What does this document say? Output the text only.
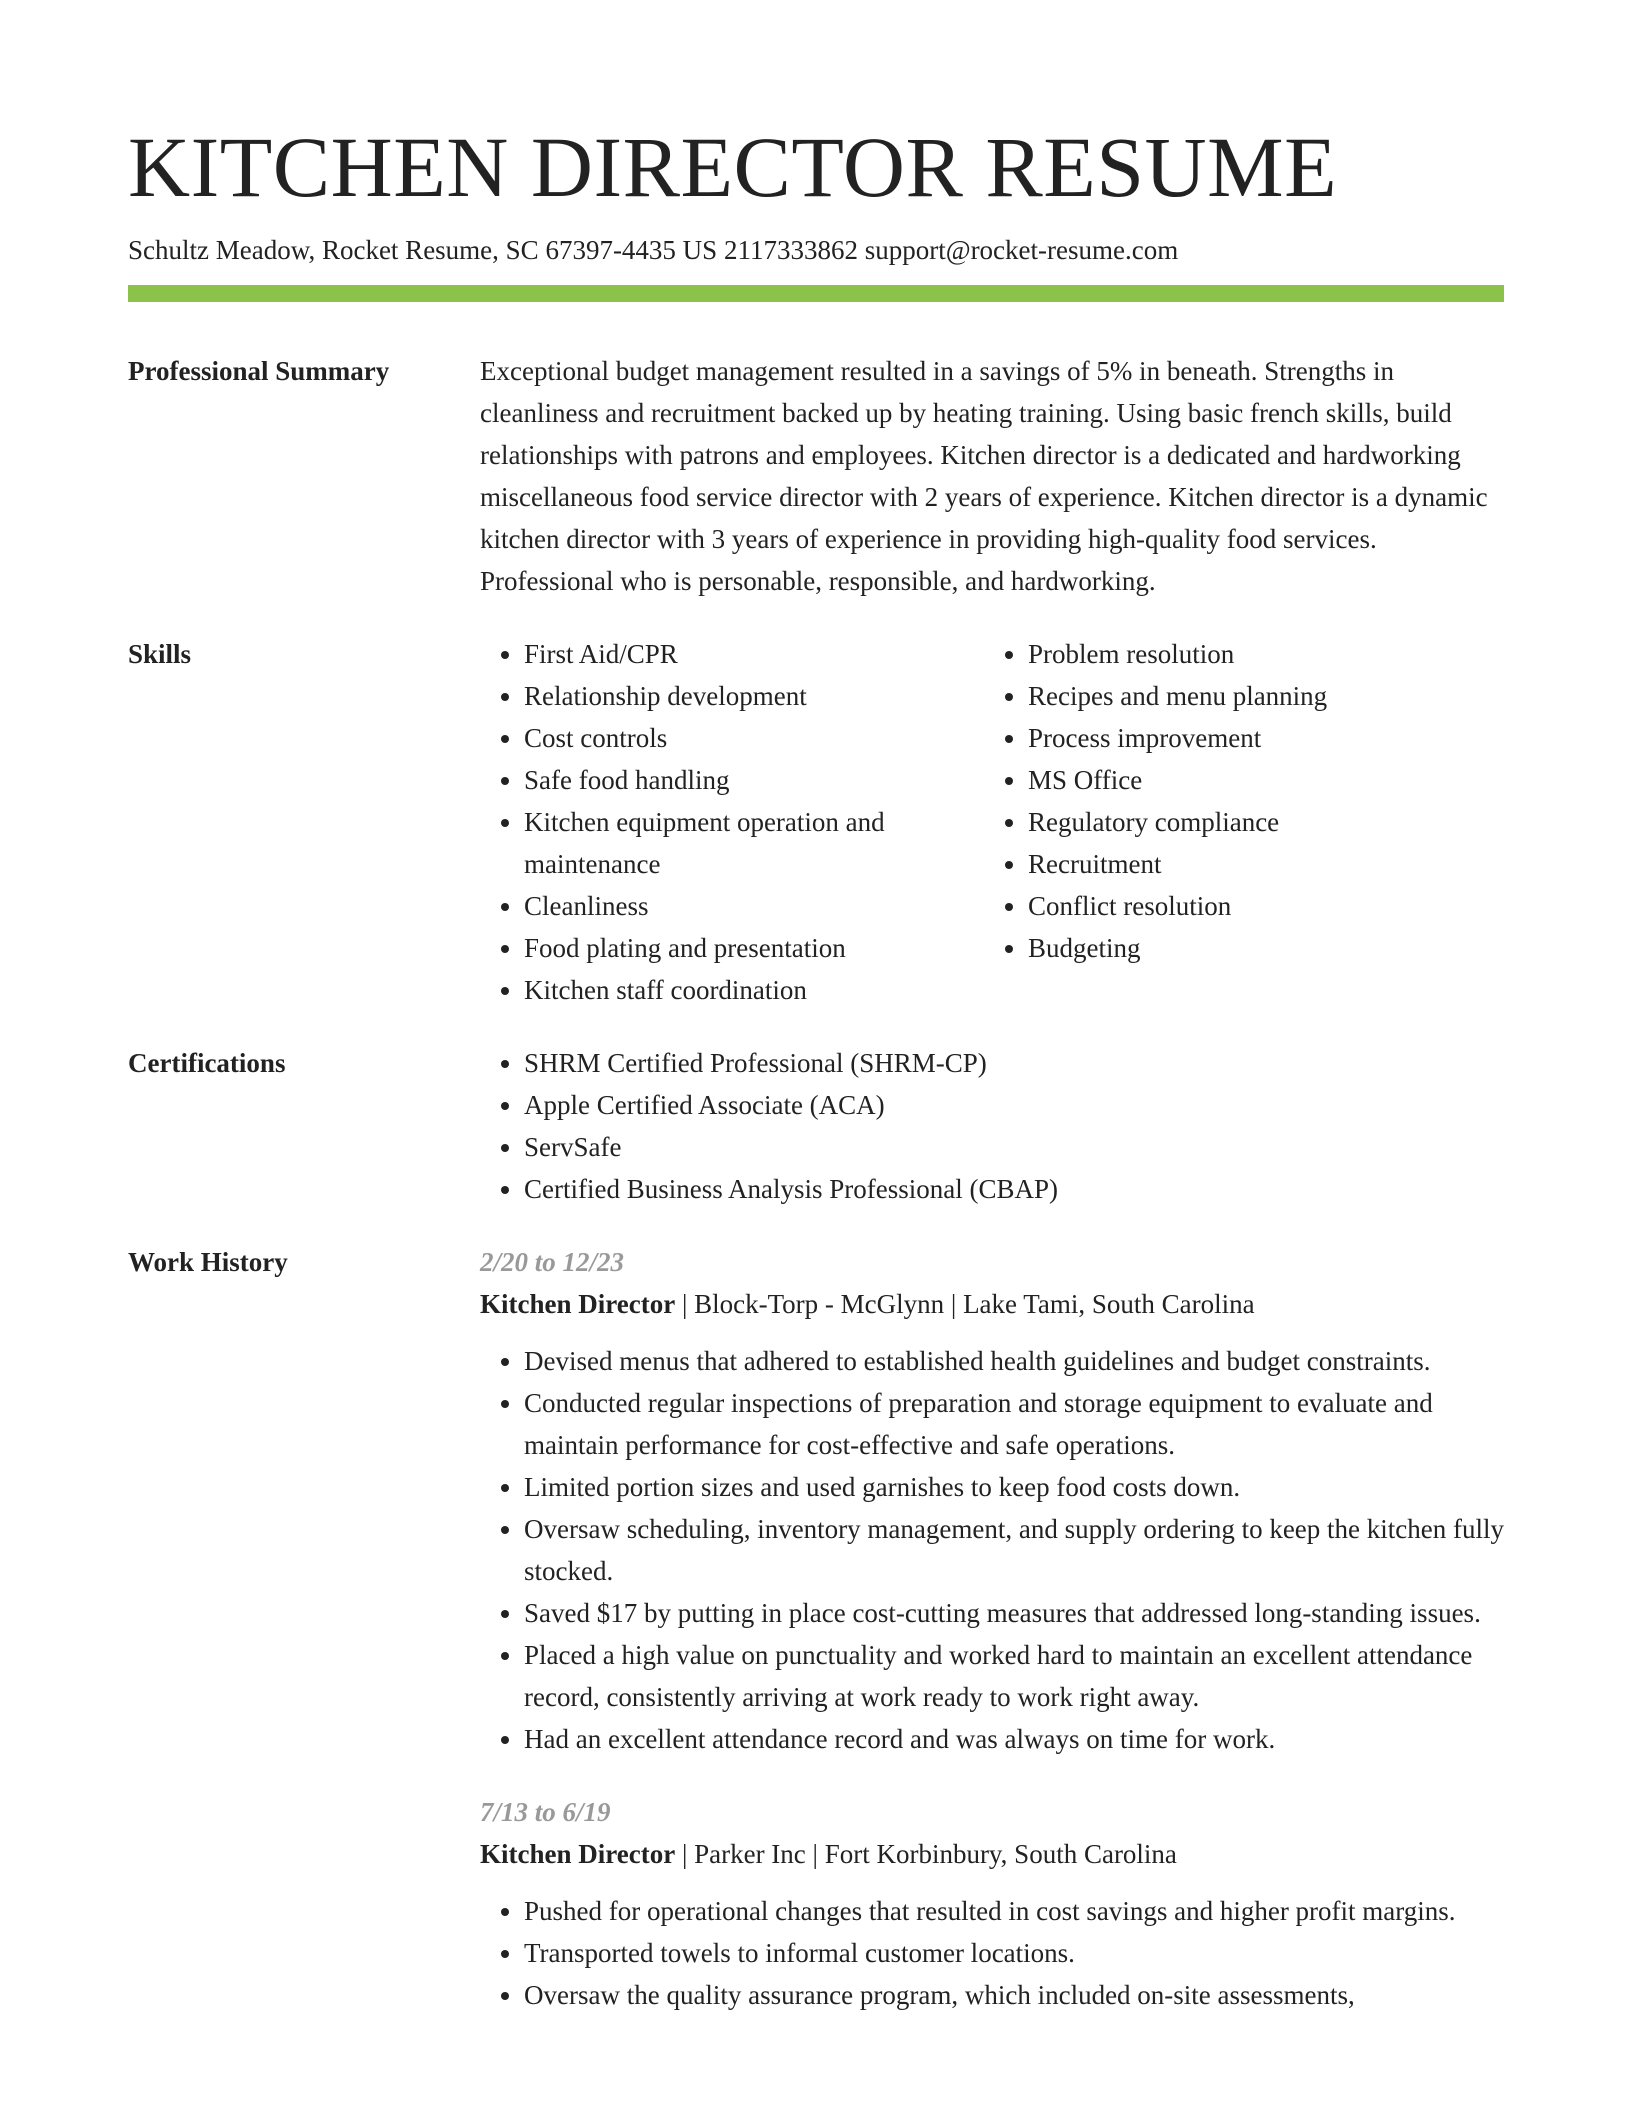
KITCHEN DIRECTOR RESUME
Schultz Meadow, Rocket Resume, SC 67397-4435 US 2117333862 support@rocket-resume.com
Professional Summary	Exceptional budget management resulted in a savings of 5% in beneath. Strengths in cleanliness and recruitment backed up by heating training. Using basic french skills, build relationships with patrons and employees. Kitchen director is a dedicated and hardworking miscellaneous food service director with 2 years of experience. Kitchen director is a dynamic kitchen director with 3 years of experience in providing high-quality food services. Professional who is personable, responsible, and hardworking.

Skills	• First Aid/CPR
• Relationship development
• Cost controls
• Safe food handling
• Kitchen equipment operation and maintenance
• Cleanliness
• Food plating and presentation
• Kitchen staff coordination
• Problem resolution
• Recipes and menu planning
• Process improvement
• MS Office
• Regulatory compliance
• Recruitment
• Conflict resolution
• Budgeting
Certifications	• SHRM Certified Professional (SHRM-CP)
• Apple Certified Associate (ACA)
• ServSafe
• Certified Business Analysis Professional (CBAP)
Work History	2/20 to 12/23

Kitchen Director | Block-Torp - McGlynn | Lake Tami, South Carolina

• Devised menus that adhered to established health guidelines and budget constraints.
• Conducted regular inspections of preparation and storage equipment to evaluate and maintain performance for cost-effective and safe operations.
• Limited portion sizes and used garnishes to keep food costs down.
• Oversaw scheduling, inventory management, and supply ordering to keep the kitchen fully stocked.
• Saved $17 by putting in place cost-cutting measures that addressed long-standing issues.
• Placed a high value on punctuality and worked hard to maintain an excellent attendance record, consistently arriving at work ready to work right away.
• Had an excellent attendance record and was always on time for work.

7/13 to 6/19

Kitchen Director | Parker Inc | Fort Korbinbury, South Carolina

• Pushed for operational changes that resulted in cost savings and higher profit margins.
• Transported towels to informal customer locations.
• Oversaw the quality assurance program, which included on-site assessments,
